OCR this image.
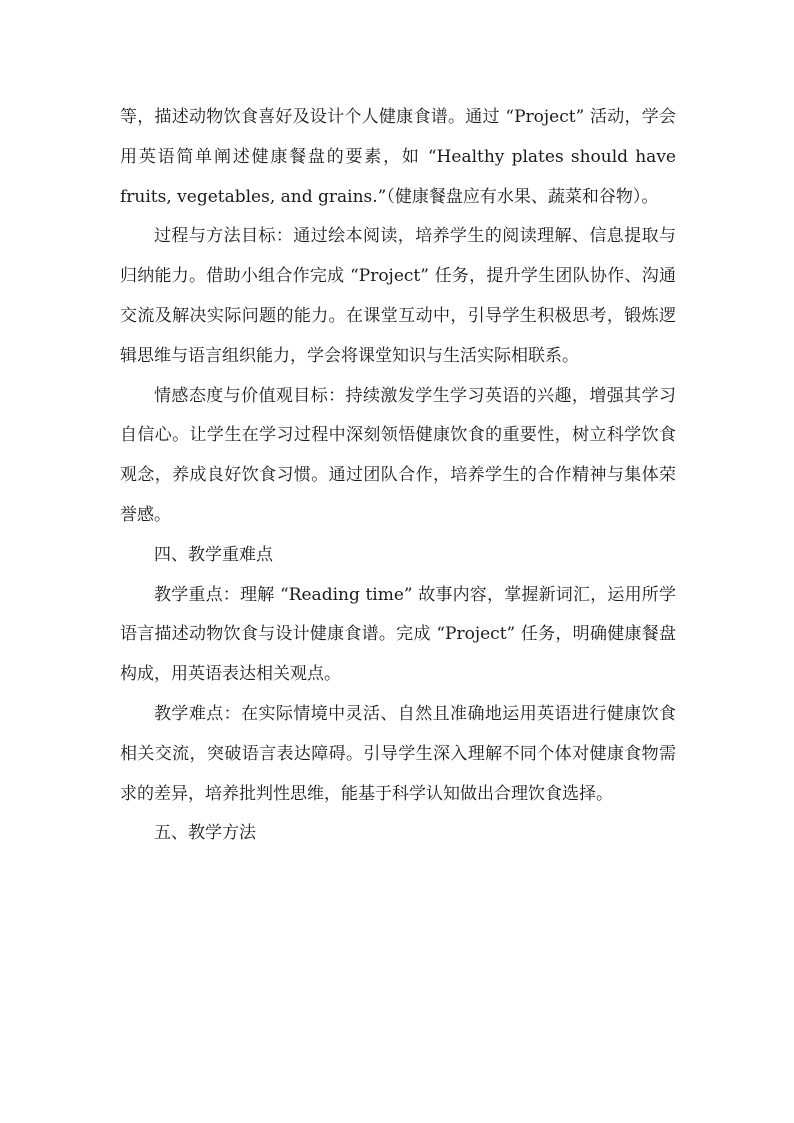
等，描述动物饮食喜好及设计个人健康食谱。通过 “Project” 活动，学会用英语简单阐述健康餐盘的要素，如 “Healthy plates should have fruits, vegetables, and grains.”（健康餐盘应有水果、蔬菜和谷物）。

过程与方法目标：通过绘本阅读，培养学生的阅读理解、信息提取与归纳能力。借助小组合作完成 “Project” 任务，提升学生团队协作、沟通交流及解决实际问题的能力。在课堂互动中，引导学生积极思考，锻炼逻辑思维与语言组织能力，学会将课堂知识与生活实际相联系。

情感态度与价值观目标：持续激发学生学习英语的兴趣，增强其学习自信心。让学生在学习过程中深刻领悟健康饮食的重要性，树立科学饮食观念，养成良好饮食习惯。通过团队合作，培养学生的合作精神与集体荣誉感。

四、教学重难点

教学重点：理解 “Reading time” 故事内容，掌握新词汇，运用所学语言描述动物饮食与设计健康食谱。完成 “Project” 任务，明确健康餐盘构成，用英语表达相关观点。

教学难点：在实际情境中灵活、自然且准确地运用英语进行健康饮食相关交流，突破语言表达障碍。引导学生深入理解不同个体对健康食物需求的差异，培养批判性思维，能基于科学认知做出合理饮食选择。

五、教学方法
